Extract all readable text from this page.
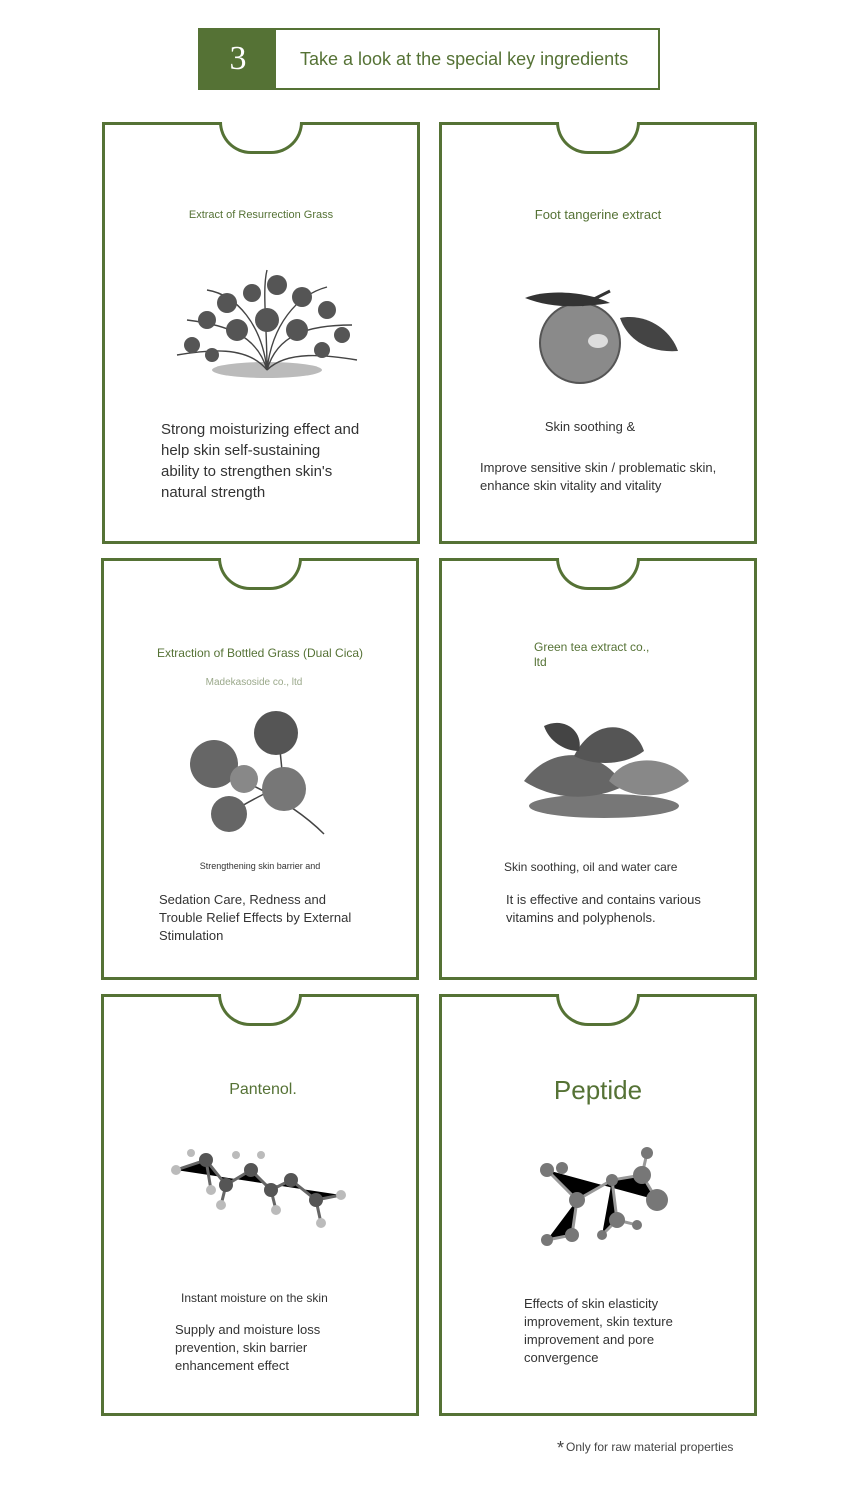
3	Take a look at the special key ingredients
Extract of Resurrection Grass
Strong moisturizing effect and help skin self-sustaining ability to strengthen skin's natural strength
Foot tangerine extract
Skin soothing &
Improve sensitive skin / problematic skin, enhance skin vitality and vitality
Extraction of Bottled Grass (Dual Cica)
Madekasoside co., ltd
Strengthening skin barrier and
Sedation Care, Redness and Trouble Relief Effects by External Stimulation
Green tea extract co., ltd
Skin soothing, oil and water care
It is effective and contains various vitamins and polyphenols.
Pantenol.
Instant moisture on the skin
Supply and moisture loss prevention, skin barrier enhancement effect
Peptide
Effects of skin elasticity improvement, skin texture improvement and pore convergence
* Only for raw material properties
